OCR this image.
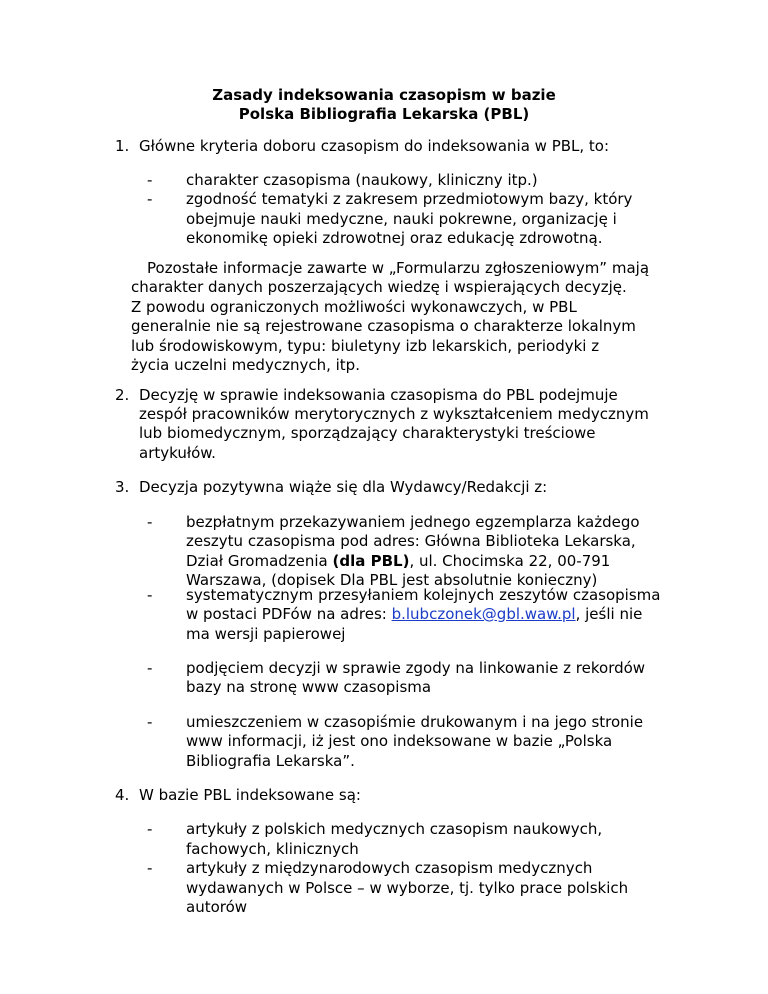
Zasady indeksowania czasopism w bazie
Polska Bibliografia Lekarska (PBL)
1. Główne kryteria doboru czasopism do indeksowania w PBL, to:
- charakter czasopisma (naukowy, kliniczny itp.)
- zgodność tematyki z zakresem przedmiotowym bazy, który
obejmuje nauki medyczne, nauki pokrewne, organizację i
ekonomikę opieki zdrowotnej oraz edukację zdrowotną.
Pozostałe informacje zawarte w „Formularzu zgłoszeniowym” mają
charakter danych poszerzających wiedzę i wspierających decyzję.
Z powodu ograniczonych możliwości wykonawczych, w PBL
generalnie nie są rejestrowane czasopisma o charakterze lokalnym
lub środowiskowym, typu: biuletyny izb lekarskich, periodyki z
życia uczelni medycznych, itp.
2. Decyzję w sprawie indeksowania czasopisma do PBL podejmuje
zespół pracowników merytorycznych z wykształceniem medycznym
lub biomedycznym, sporządzający charakterystyki treściowe
artykułów.
3. Decyzja pozytywna wiąże się dla Wydawcy/Redakcji z:
- bezpłatnym przekazywaniem jednego egzemplarza każdego
zeszytu czasopisma pod adres: Główna Biblioteka Lekarska,
Dział Gromadzenia (dla PBL), ul. Chocimska 22, 00-791
Warszawa, (dopisek Dla PBL jest absolutnie konieczny)
- systematycznym przesyłaniem kolejnych zeszytów czasopisma
w postaci PDFów na adres: b.lubczonek@gbl.waw.pl, jeśli nie
ma wersji papierowej
- podjęciem decyzji w sprawie zgody na linkowanie z rekordów
bazy na stronę www czasopisma
- umieszczeniem w czasopiśmie drukowanym i na jego stronie
www informacji, iż jest ono indeksowane w bazie „Polska
Bibliografia Lekarska”.
4. W bazie PBL indeksowane są:
- artykuły z polskich medycznych czasopism naukowych,
fachowych, klinicznych
- artykuły z międzynarodowych czasopism medycznych
wydawanych w Polsce – w wyborze, tj. tylko prace polskich
autorów
